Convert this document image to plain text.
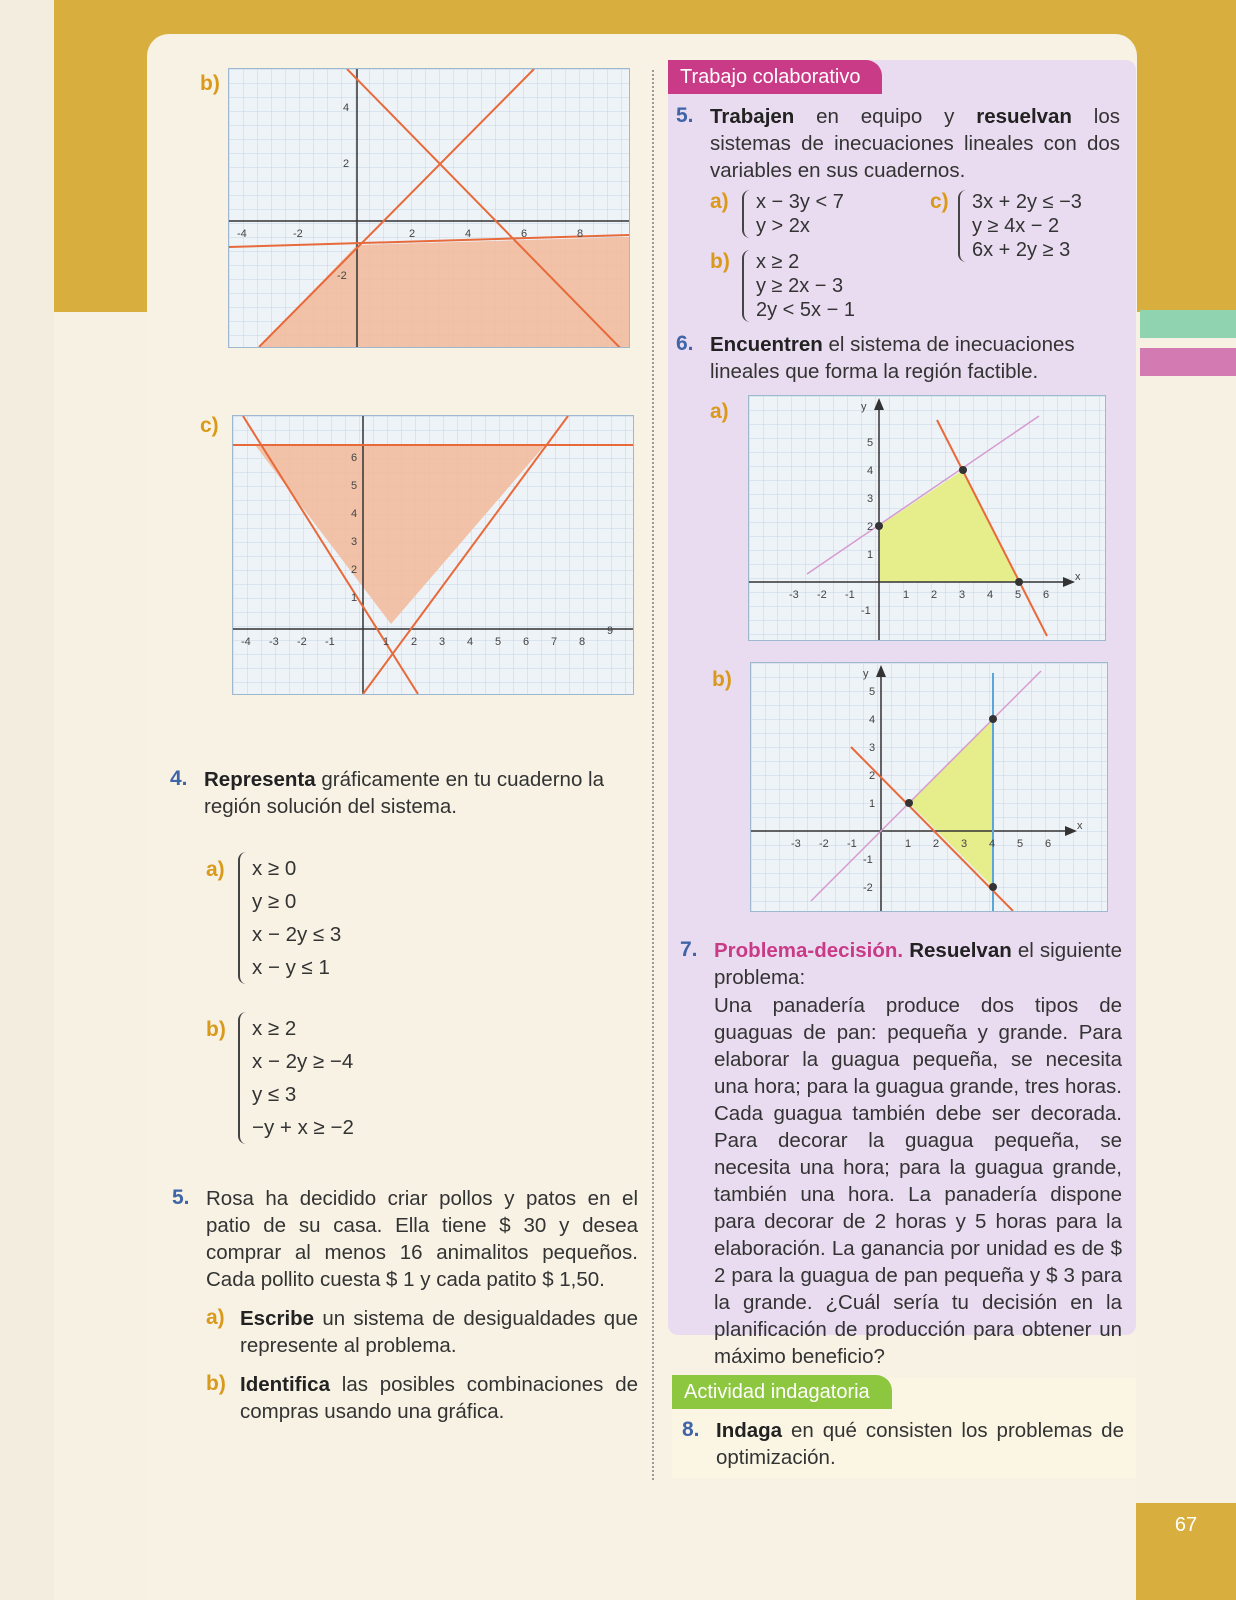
67
b)
-4	-2	2	4	6	8
4
2
-2
c)
-4 -3 -2 -1	1 2 3 4 5 6 7 8
9
6
5
4
3
2
1
4. Representa gráficamente en tu cuaderno la región solución del sistema.
a) x ≥ 0
y ≥ 0
x − 2y ≤ 3
x − y ≤ 1
b) x ≥ 2
x − 2y ≥ −4
y ≤ 3
−y + x ≥ −2
5. Rosa ha decidido criar pollos y patos en el patio de su casa. Ella tiene $ 30 y desea comprar al menos 16 animalitos pequeños. Cada pollito cuesta $ 1 y cada patito $ 1,50.
a) Escribe un sistema de desigualdades que represente al problema.
b) Identifica las posibles combinaciones de compras usando una gráfica.
Trabajo colaborativo
5. Trabajen en equipo y resuelvan los sistemas de inecuaciones lineales con dos variables en sus cuadernos.
a) x − 3y < 7
y > 2x
b) x ≥ 2
y ≥ 2x − 3
2y < 5x − 1
c) 3x + 2y ≤ −3
y ≥ 4x − 2
6x + 2y ≥ 3
6. Encuentren el sistema de inecuaciones lineales que forma la región factible.
a)
x
y
-3 -2 -1	1 2 3 4 5 6
5
4
3
2
1
-1
b)
x
y
-3 -2 -1	1 2 3 4 5 6
5
4
3
2
1
-1
-2
7. Problema-decisión. Resuelvan el siguiente problema:
Una panadería produce dos tipos de guaguas de pan: pequeña y grande. Para elaborar la guagua pequeña, se necesita una hora; para la guagua grande, tres horas. Cada guagua también debe ser decorada. Para decorar la guagua pequeña, se necesita una hora; para la guagua grande, también una hora. La panadería dispone para decorar de 2 horas y 5 horas para la elaboración. La ganancia por unidad es de $ 2 para la guagua de pan pequeña y $ 3 para la grande. ¿Cuál sería tu decisión en la planificación de producción para obtener un máximo beneficio?
Actividad indagatoria
8. Indaga en qué consisten los problemas de optimización.
